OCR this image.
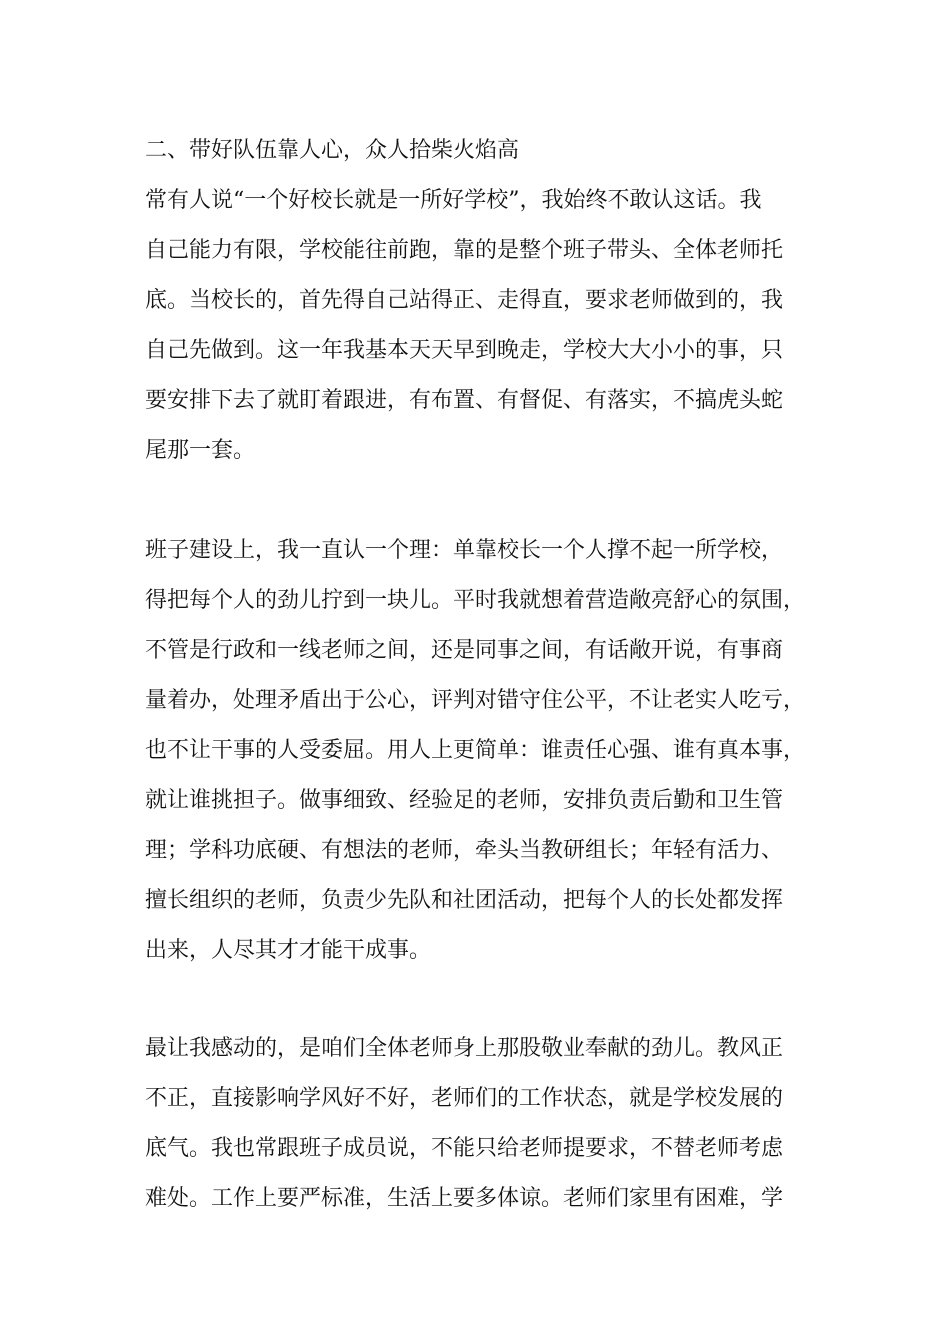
二、带好队伍靠人心，众人拾柴火焰高
常有人说“一个好校长就是一所好学校”，我始终不敢认这话。我
自己能力有限，学校能往前跑，靠的是整个班子带头、全体老师托
底。当校长的，首先得自己站得正、走得直，要求老师做到的，我
自己先做到。这一年我基本天天早到晚走，学校大大小小的事，只
要安排下去了就盯着跟进，有布置、有督促、有落实，不搞虎头蛇
尾那一套。
班子建设上，我一直认一个理：单靠校长一个人撑不起一所学校，
得把每个人的劲儿拧到一块儿。平时我就想着营造敞亮舒心的氛围，
不管是行政和一线老师之间，还是同事之间，有话敞开说，有事商
量着办，处理矛盾出于公心，评判对错守住公平，不让老实人吃亏，
也不让干事的人受委屈。用人上更简单：谁责任心强、谁有真本事，
就让谁挑担子。做事细致、经验足的老师，安排负责后勤和卫生管
理；学科功底硬、有想法的老师，牵头当教研组长；年轻有活力、
擅长组织的老师，负责少先队和社团活动，把每个人的长处都发挥
出来，人尽其才才能干成事。
最让我感动的，是咱们全体老师身上那股敬业奉献的劲儿。教风正
不正，直接影响学风好不好，老师们的工作状态，就是学校发展的
底气。我也常跟班子成员说，不能只给老师提要求，不替老师考虑
难处。工作上要严标准，生活上要多体谅。老师们家里有困难，学
